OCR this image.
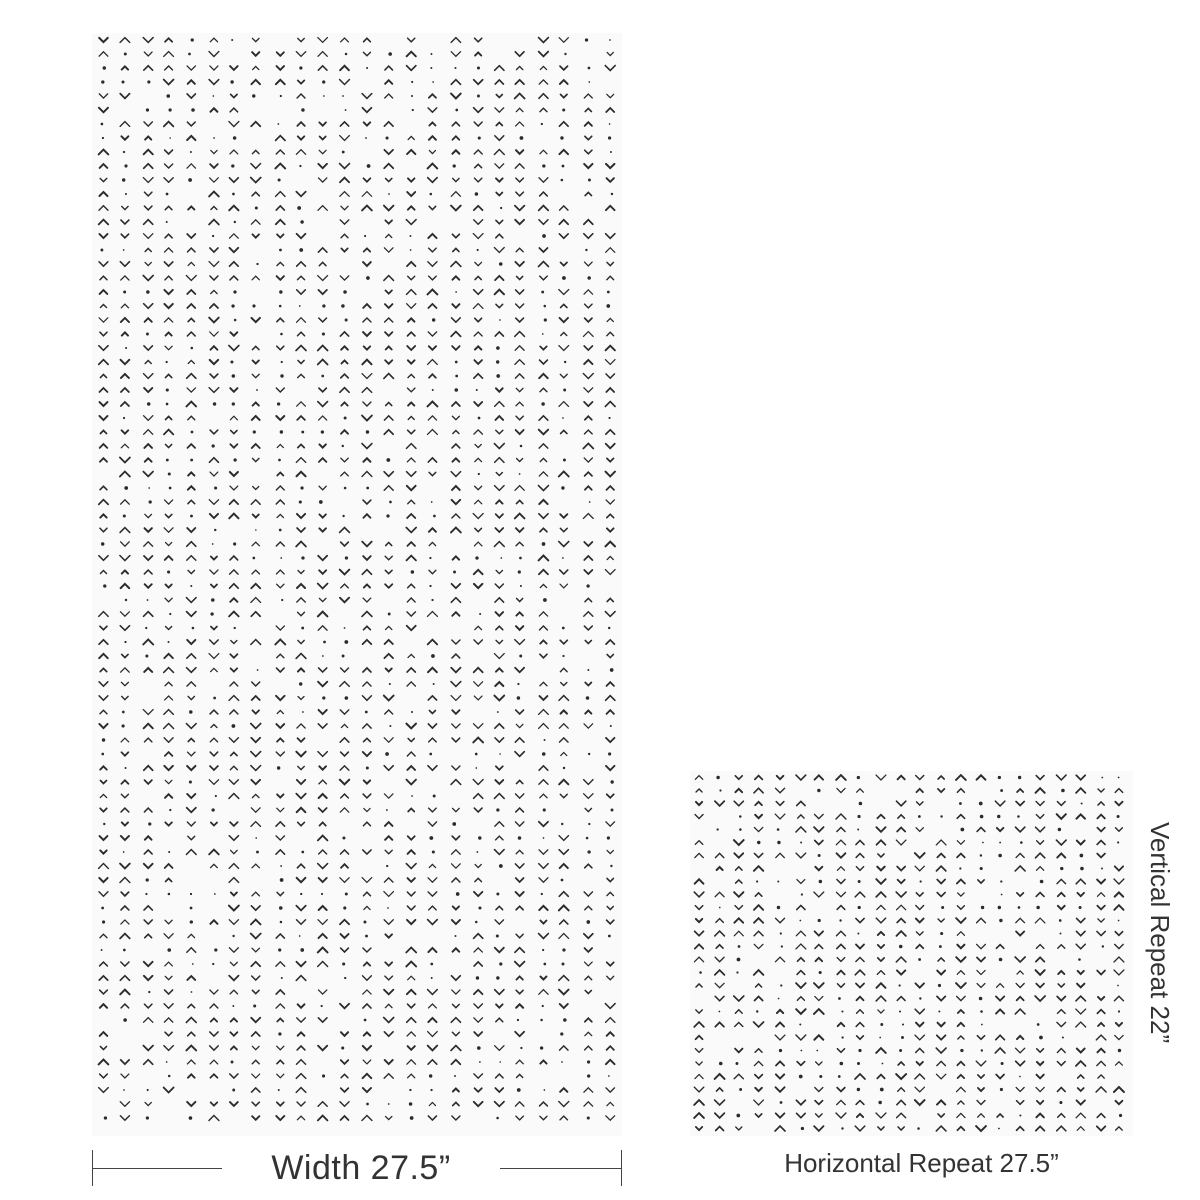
Width 27.5”	Horizontal Repeat 27.5”
Vertical Repeat 22”
